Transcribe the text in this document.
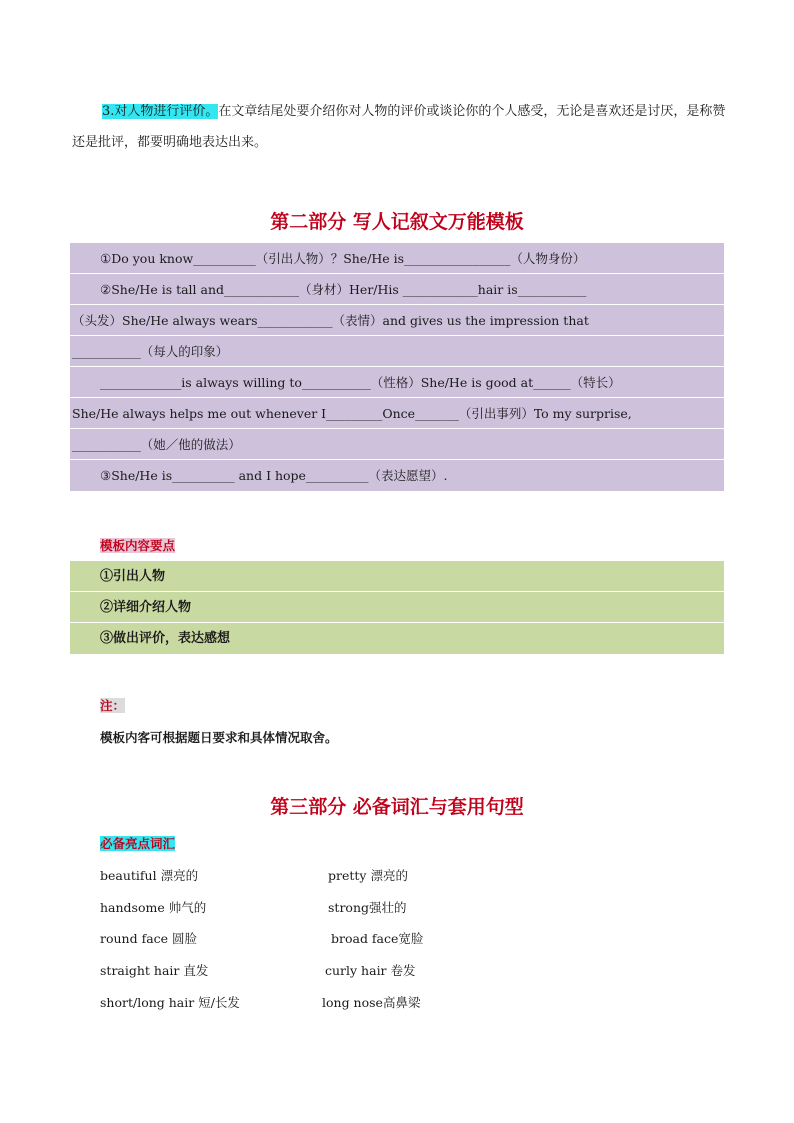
3.对人物进行评价。在文章结尾处要介绍你对人物的评价或谈论你的个人感受，无论是喜欢还是讨厌，是称赞还是批评，都要明确地表达出来。
第二部分 写人记叙文万能模板
①Do you know__________（引出人物）？She/He is_________________（人物身份）
②She/He is tall and____________（身材）Her/His ____________hair is___________
（头发）She/He always wears____________（表情）and gives us the impression that
___________（每人的印象）
_____________is always willing to___________（性格）She/He is good at______（特长）
She/He always helps me out whenever I_________Once_______（引出事列）To my surprise,
___________（她／他的做法）
③She/He is__________ and I hope__________（表达愿望）.
模板内容要点
①引出人物
②详细介绍人物
③做出评价，表达感想
注：
模板内客可根据题日要求和具体情况取舍。
第三部分 必备词汇与套用句型
必备亮点词汇
beautiful 漂亮的	pretty 漂亮的
handsome 帅气的	strong强壮的
round face 圆脸	broad face宽脸
straight hair 直发	curly hair 卷发
short/long hair 短/长发	long nose高鼻梁
